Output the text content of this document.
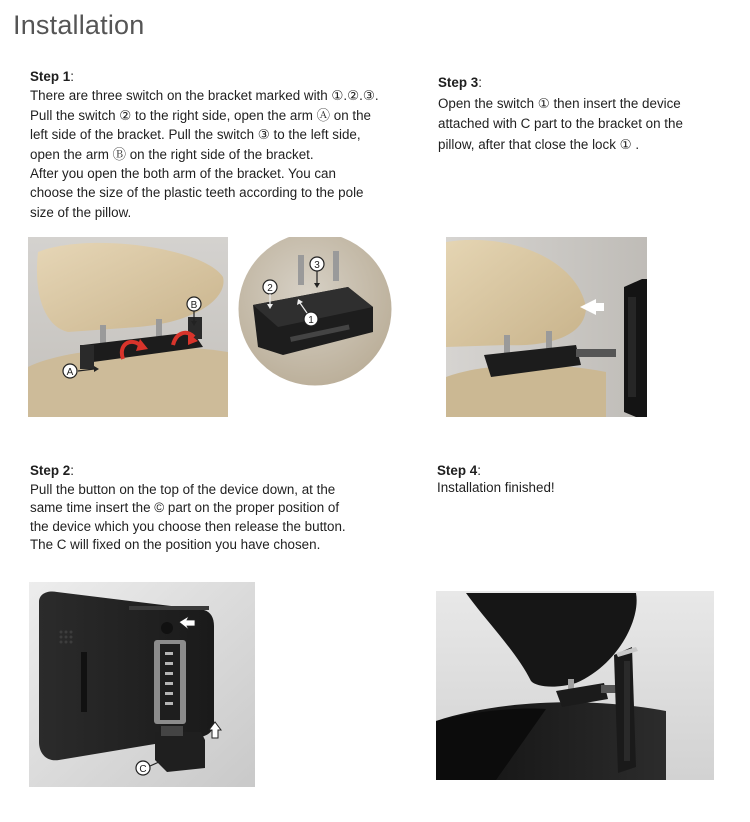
Installation
Step 1:
There are three switch on the bracket marked with ①.②.③.
Pull the switch ② to the right side, open the arm Ⓐ on the
left side of the bracket. Pull the switch ③ to the left side,
open the arm Ⓑ on the right side of the bracket.
After you open the both arm of the bracket. You can
choose the size of the plastic teeth according to the pole
size of the pillow.
Step 3:
Open the switch ① then insert the device
attached with C part to the bracket on the
pillow, after that close the lock ① .
Step 2:
Pull the button on the top of the device down, at the
same time insert the © part on the proper position of
the device which you choose then release the button.
The C will fixed on the position you have chosen.
Step 4:
Installation finished!
A
B
2
3
1
C
